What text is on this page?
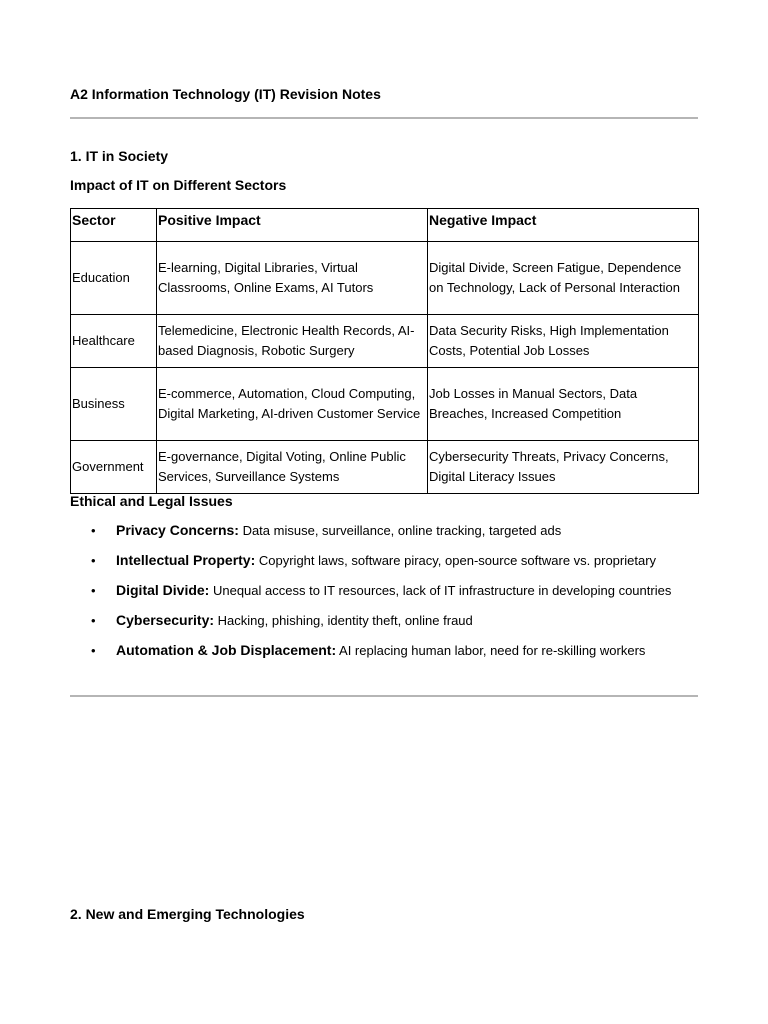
A2 Information Technology (IT) Revision Notes
1. IT in Society
Impact of IT on Different Sectors
Sector	Positive Impact	Negative Impact
Education	E-learning, Digital Libraries, Virtual Classrooms, Online Exams, AI Tutors	Digital Divide, Screen Fatigue, Dependence on Technology, Lack of Personal Interaction
Healthcare	Telemedicine, Electronic Health Records, AI-based Diagnosis, Robotic Surgery	Data Security Risks, High Implementation Costs, Potential Job Losses
Business	E-commerce, Automation, Cloud Computing, Digital Marketing, AI-driven Customer Service	Job Losses in Manual Sectors, Data Breaches, Increased Competition
Government	E-governance, Digital Voting, Online Public Services, Surveillance Systems	Cybersecurity Threats, Privacy Concerns, Digital Literacy Issues
Ethical and Legal Issues
• Privacy Concerns: Data misuse, surveillance, online tracking, targeted ads
• Intellectual Property: Copyright laws, software piracy, open-source software vs. proprietary
• Digital Divide: Unequal access to IT resources, lack of IT infrastructure in developing countries
• Cybersecurity: Hacking, phishing, identity theft, online fraud
• Automation & Job Displacement: AI replacing human labor, need for re-skilling workers
2. New and Emerging Technologies
